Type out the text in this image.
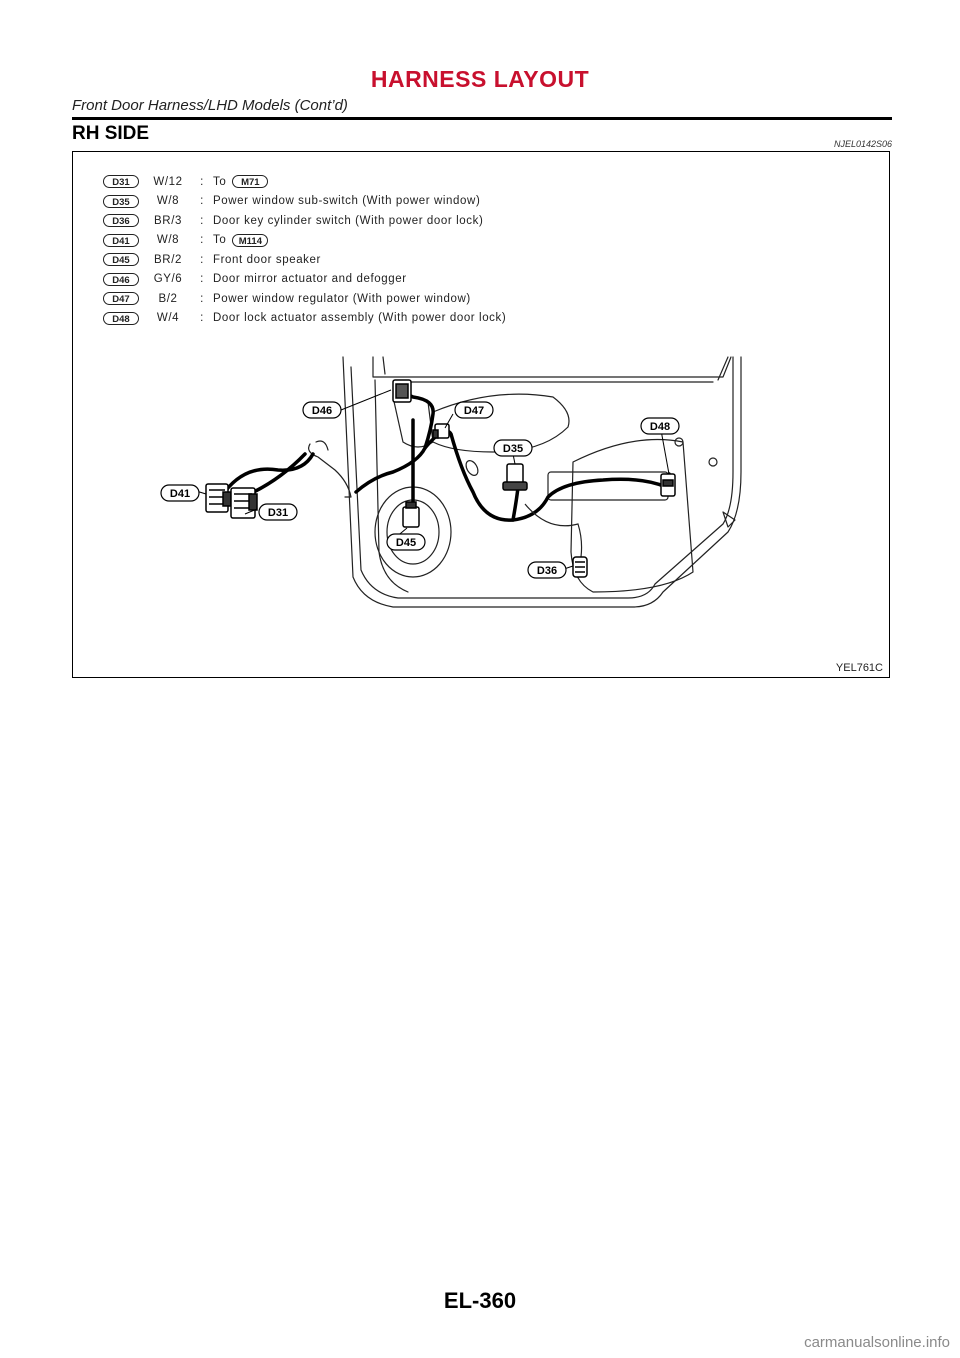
HARNESS LAYOUT
Front Door Harness/LHD Models (Cont’d)
RH SIDE	NJEL0142S06
D31	W/12	: To	M71
D35	W/8	: Power window sub-switch (With power window)
D36	BR/3	: Door key cylinder switch (With power door lock)
D41	W/8	: To	M114
D45	BR/2	: Front door speaker
D46	GY/6	: Door mirror actuator and defogger
D47	B/2	: Power window regulator (With power window)
D48	W/4	: Door lock actuator assembly (With power door lock)
D46	D47
D48
D35
D41
D31
D45
D36
YEL761C
EL-360
carmanualsonline.info
